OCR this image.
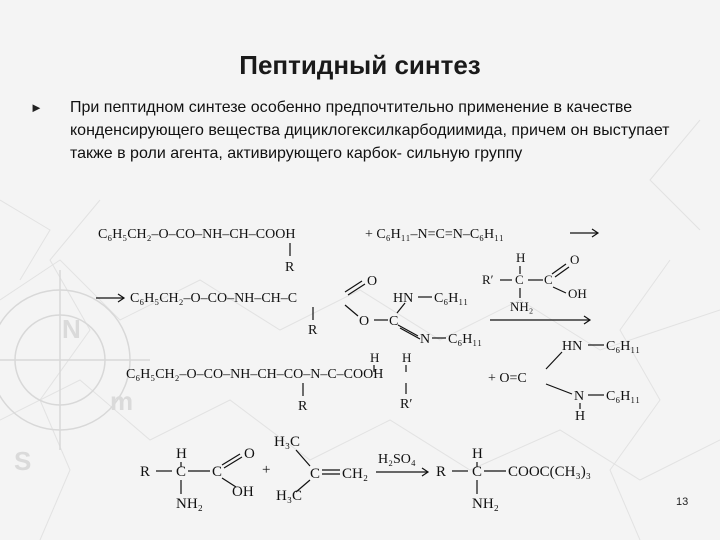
N
m
S
Пептидный синтез
► При пептидном синтезе особенно предпочтительно применение в качестве конденсирующего вещества дициклогексилкарбодиимида, причем он выступает также в роли агента, активирующего карбок- сильную группу
C₆H₅CH₂–O–CO–NH–CH–COOH
R
+ C₆H₁₁–N=C=N–C₆H₁₁
H
R′ C C
O
OH
NH₂
C₆H₅CH₂–O–CO–NH–CH–C
R
O
O C
HN C₆H₁₁
N C₆H₁₁
H H
C₆H₅CH₂–O–CO–NH–CH–CO–N–C–COOH
R	R′
+ O=C
HN C₆H₁₁
N C₆H₁₁
H
H
R C C
O
OH
NH₂
+
H₃C
C
H₃C
CH₂
H₂SO₄
R
H
C COOC(CH₃)₃
NH₂	13
